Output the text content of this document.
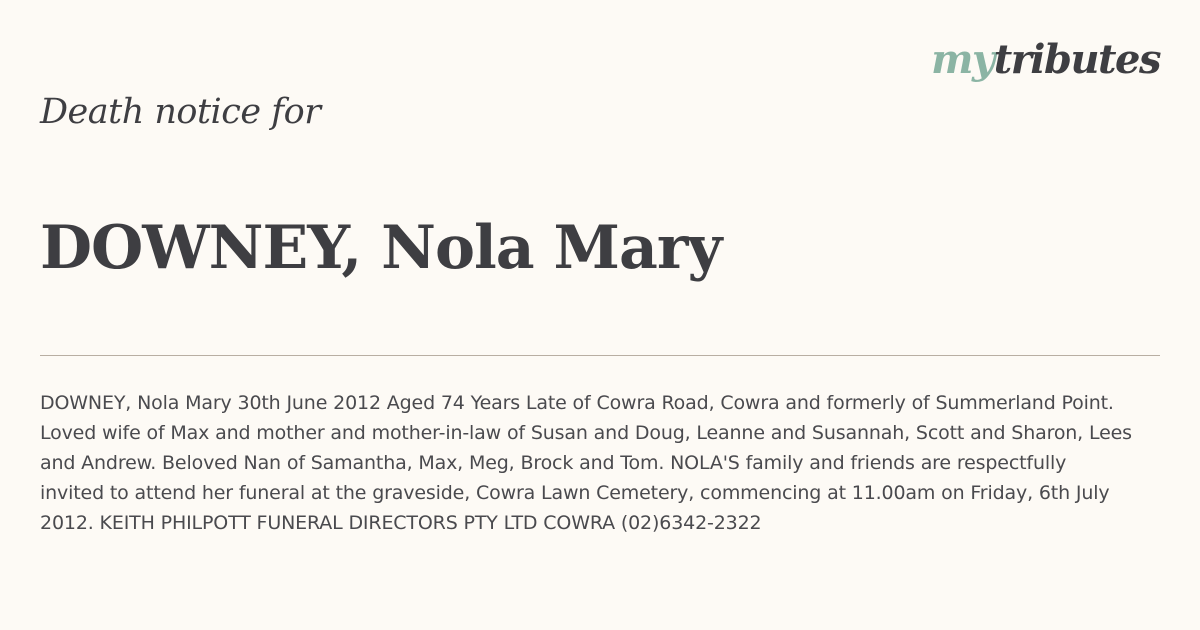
mytributes
Death notice for
DOWNEY, Nola Mary
DOWNEY, Nola Mary 30th June 2012 Aged 74 Years Late of Cowra Road, Cowra and formerly of Summerland Point.
Loved wife of Max and mother and mother-in-law of Susan and Doug, Leanne and Susannah, Scott and Sharon, Lees
and Andrew. Beloved Nan of Samantha, Max, Meg, Brock and Tom. NOLA'S family and friends are respectfully
invited to attend her funeral at the graveside, Cowra Lawn Cemetery, commencing at 11.00am on Friday, 6th July
2012. KEITH PHILPOTT FUNERAL DIRECTORS PTY LTD COWRA (02)6342-2322
